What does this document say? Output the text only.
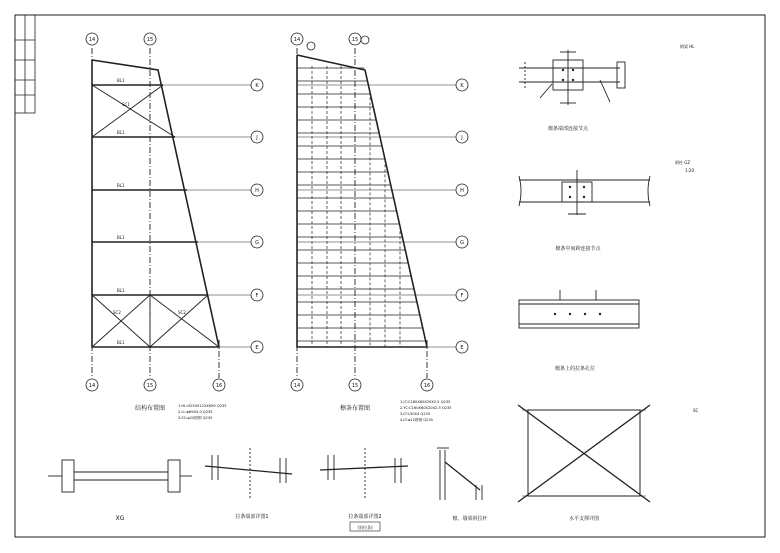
BL1
BL1
BL1
BL1
BL1
BL1
SC1
SC2	SC2
14	15
14	15	16
K
J
H
G
F
E
结构布置图	1.HL:H250X125X6X9 Q235
2.LL:φ89X3.0 Q235
3.SC:φ20圆钢 Q235
14	15
14	15	16
K
J
H
G
F
E
檩条布置图
1.LT:C160X60X20X2.5 Q235
2.YC:C160X60X20X2.5 Q235
3.LT:L50X4 Q235
4.LT:φ12圆钢 Q235
檩条端部连接节点
檩条中间跨连接节点
檩条上的拉条孔位
水平支撑详图
XG	拉条端部详图1	拉条端部详图2
(斜拉条)
檩、墙梁斜拉杆
钢梁 HL
钢柱 GZ
1:20
SC
